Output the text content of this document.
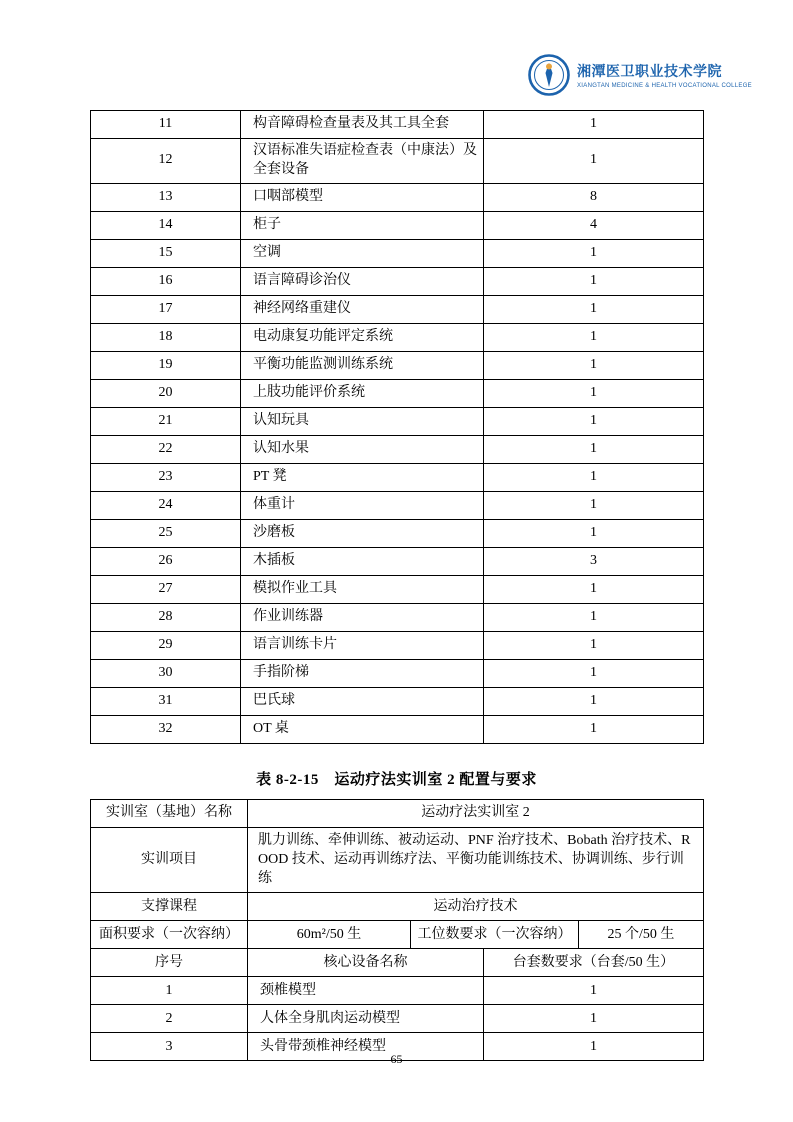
湘潭医卫职业技术学院
XIANGTAN MEDICINE & HEALTH VOCATIONAL COLLEGE
11	构音障碍检查量表及其工具全套	1
12	汉语标准失语症检查表（中康法）及全套设备	1
13	口咽部模型	8
14	柜子	4
15	空调	1
16	语言障碍诊治仪	1
17	神经网络重建仪	1
18	电动康复功能评定系统	1
19	平衡功能监测训练系统	1
20	上肢功能评价系统	1
21	认知玩具	1
22	认知水果	1
23	PT 凳	1
24	体重计	1
25	沙磨板	1
26	木插板	3
27	模拟作业工具	1
28	作业训练器	1
29	语言训练卡片	1
30	手指阶梯	1
31	巴氏球	1
32	OT 桌	1
表 8-2-15　运动疗法实训室 2 配置与要求
实训室（基地）名称	运动疗法实训室 2			
实训项目	肌力训练、牵伸训练、被动运动、PNF 治疗技术、Bobath 治疗技术、ROOD 技术、运动再训练疗法、平衡功能训练技术、协调训练、步行训练			
支撑课程	运动治疗技术			
面积要求（一次容纳）	60m²/50 生	工位数要求（一次容纳）		25 个/50 生
序号	核心设备名称		台套数要求（台套/50 生）	
1	颈椎模型		1	
2	人体全身肌肉运动模型		1	
3	头骨带颈椎神经模型		1	
65
